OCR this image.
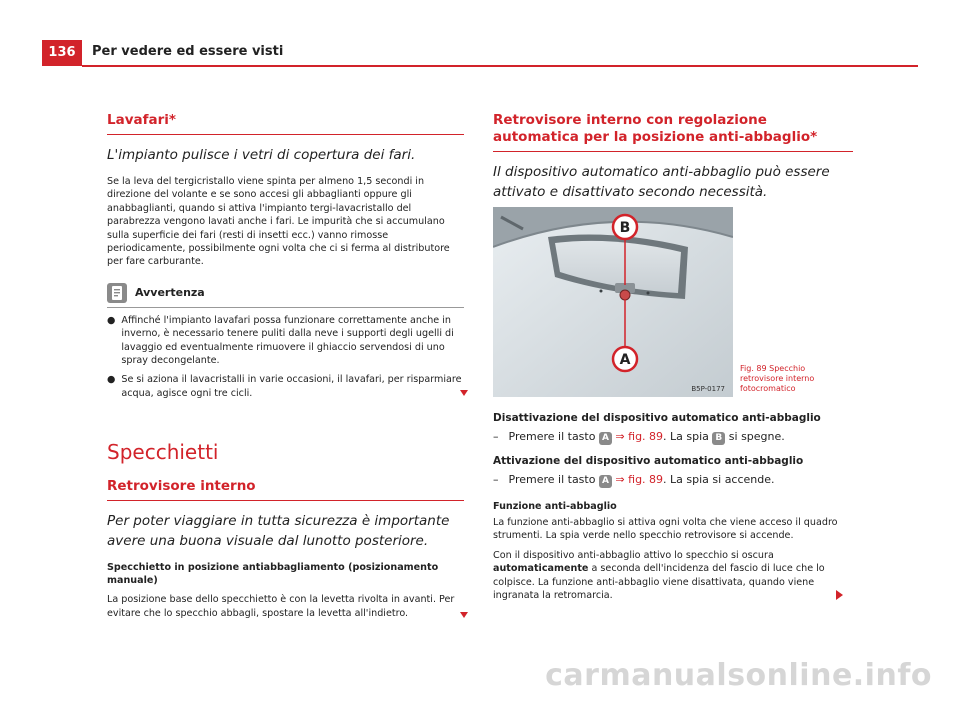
136	Per vedere ed essere visti
Lavafari*
L'impianto pulisce i vetri di copertura dei fari.

Se la leva del tergicristallo viene spinta per almeno 1,5 secondi in direzione del volante e se sono accesi gli abbaglianti oppure gli anabbaglianti, quando si attiva l'impianto tergi-lavacristallo del parabrezza vengono lavati anche i fari. Le impurità che si accumulano sulla superficie dei fari (resti di insetti ecc.) vanno rimosse periodicamente, possibilmente ogni volta che ci si ferma al distributore per fare carburante.

Avvertenza
● Affinché l'impianto lavafari possa funzionare correttamente anche in inverno, è necessario tenere puliti dalla neve i supporti degli ugelli di lavaggio ed eventualmente rimuovere il ghiaccio servendosi di uno spray decongelante.
● Se si aziona il lavacristalli in varie occasioni, il lavafari, per risparmiare acqua, agisce ogni tre cicli.
Specchietti
Retrovisore interno
Per poter viaggiare in tutta sicurezza è importante avere una buona visuale dal lunotto posteriore.
Specchietto in posizione antiabbagliamento (posizionamento manuale)

La posizione base dello specchietto è con la levetta rivolta in avanti. Per evitare che lo specchio abbagli, spostare la levetta all'indietro.

Retrovisore interno con regolazione automatica per la posizione anti-abbaglio*
Il dispositivo automatico anti-abbaglio può essere attivato e disattivato secondo necessità.
B
A
B5P-0177
Fig. 89 Specchio retrovisore interno fotocromatico
Disattivazione del dispositivo automatico anti-abbaglio
– Premere il tasto A ⇒ fig. 89. La spia B si spegne.
Attivazione del dispositivo automatico anti-abbaglio
– Premere il tasto A ⇒ fig. 89. La spia si accende.
Funzione anti-abbaglio

La funzione anti-abbaglio si attiva ogni volta che viene acceso il quadro strumenti. La spia verde nello specchio retrovisore si accende.

Con il dispositivo anti-abbaglio attivo lo specchio si oscura automaticamente a seconda dell'incidenza del fascio di luce che lo colpisce. La funzione anti-abbaglio viene disattivata, quando viene ingranata la retromarcia.

carmanualsonline.info
